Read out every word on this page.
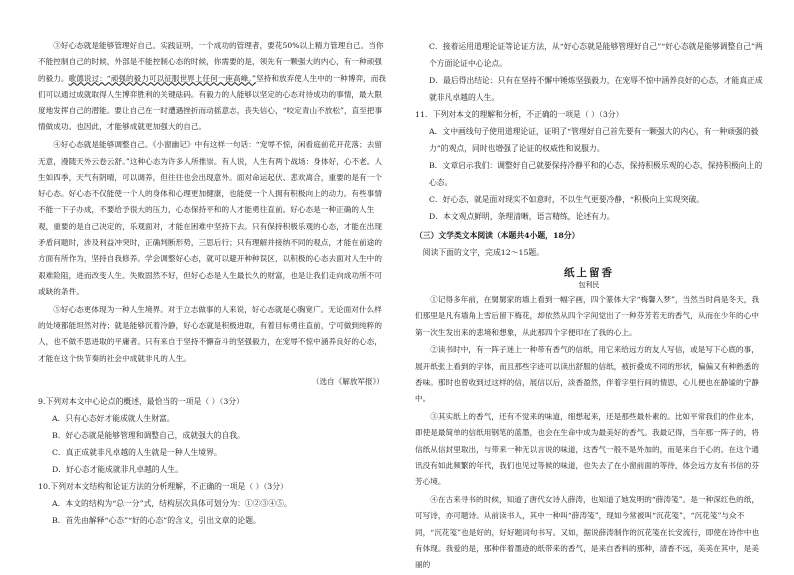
③好心态就是能够管理好自己。实践证明，一个成功的管理者，要花50%以上精力管理自己。当你不能控制自己的时候，外部是不能控制心态的时候，你需要的是，领先有一颗强大的内心，有一种顽强的毅力。歌德说过：“顽强的毅力可以征服世界上任何一座高峰。”坚持和放弃使人生中的一种博弈，而我们可以通过成就取得人生博弈胜利的关键砝码。有毅力的人能够以坚定的心态对待成功的事情，最大限度地发挥自己的潜能。要让自己在一时遭遇挫折而动摇意志，丧失信心，“咬定青山不放松”，直至把事情做成功。也因此，才能够成就更加强大的自己。

④好心态就是能够调整自己。《小窗幽记》中有这样一句话：“宠辱不惊，闲看庭前花开花落；去留无意，漫随天外云卷云舒。”这种心态为许多人所推崇。有人说，人生有两个战场：身体好，心不老。人生如四季，天气有阴晴，可以调养，但往往也会出现意外。面对命运起伏、悲欢离合，重要的是有一个好心态。好心态不仅能使一个人的身体和心理更加健康，也能使一个人拥有积极向上的动力。有些事情不能一下子办成，不要给予很大的压力，心态保持平和的人才能勇往直前。好心态是一种正确的人生观，重要的是自己决定的，乐观面对，才能在困难中坚持下去。只有保持积极乐观的心态，才能在出现矛盾问题时，涉及利益冲突时，正确判断形势，三思后行；只有理解并接纳不同的观点，才能在前途的方面有所作为，坚持自我修养。学会调整好心态，就可以避开种种误区，以积极的心态去面对人生中的艰难险阻，进而改变人生。失败固然不好，但好心态是人生最长久的财富，也是让我们走向成功所不可或缺的条件。

⑤好心态更体现为一种人生境界。对于立志做事的人来说，好心态就是心胸宽广。无论面对什么样的处境都能坦然对待；就是能够沉着冷静，好心态就是积极进取，有着目标勇往直前，宁可做到纯粹的人，也不做不思进取的平庸者。只有来自于坚持不懈奋斗的坚强毅力，在宠辱不惊中涵养良好的心态，才能在这个快节奏的社会中成就非凡的人生。

（选自《解放军报》）

9.下列对本文中心论点的概述，最恰当的一项是（ ）（3分）

A．只有心态好才能成就人生财富。

B．好心态就是能够管理和调整自己，成就强大的自我。

C．真正成就非凡卓越的人生就是一种人生境界。

D．好心态才能成就非凡卓越的人生。

10.下列对本文结构和论证方法的分析理解，不正确的一项是（ ）（3分）

A．本文的结构为“总一分”式，结构层次具体可划分为：①②③④⑤。

B．首先由解释“心态”“好的心态”的含义，引出文章的论题。

C．接着运用道理论证等论证方法，从“好心态就是能够管理好自己”“好心态就是能够调整自己”两个方面论证中心论点。

D．最后得出结论：只有在坚持不懈中锤炼坚强毅力，在宠辱不惊中涵养良好的心态，才能真正成就非凡卓越的人生。

11．下列对本文的理解和分析，不正确的一项是（ ）（3分）

A．文中画线句子使用道理论证，证明了“管理好自己首先要有一颗强大的内心，有一种顽强的毅力”的观点，同时也增强了论证的权威性和说服力。

B．文章启示我们：调整好自己就要保持冷静平和的心态，保持积极乐观的心态，保持积极向上的心态。

C．好心态，就是面对现实不如意时，不以生气更要冷静，“积极向上实现突破。

D．本文观点鲜明，条理清晰，语言精练，论述有力。

（三）文学类文本阅读（本题共4小题，18分）

阅读下面的文字，完成12～15题。

纸上留香

包利民

①记得多年前，在舅舅家的墙上看到一幅字画，四个篆体大字“梅馨入梦”，当然当时尚是冬天，我们那里是凡有墙角上雪后留下梅花，却依然从四个字间觉出了一种芬芳若无的香气，从而在少年的心中第一次生发出来的悲境和想象，从此那四个字便印在了我的心上。

②读书时中，有一阵子迷上一种带有香气的信纸，用它来给远方的友人写信，或是写下心底的事，展开纸张上看到的字体，而且那些字迹可以读出舒服的信纸，被折叠成不同的形状，偏偏又有种熟悉的香味。那时也曾收到过这样的信，展信以后，淡香盈然，伴着字里行间的情思，心儿便也在静谧的宁静中。

③其实纸上的香气，还有不觉来的味道，细想起来，还是那些最朴素的。比如平常我们的作业本，即使是最简单的信纸用钢笔的蓝墨，也会在生命中成为最美好的香气。我最记得，当年那一阵子的，将信纸从信封里取出，与带来一种无以言说的味道，这香气一般不是外加的，而是来自于心的。在这个通讯没有如此频繁的年代，我们也见过等候的味道，也失去了在小窗前面的等待，体会远方友有书信的芬芳心境。

④在古来寻书的时候，知道了唐代女诗人薛涛，也知道了她发明的“薛涛笺”。是一种深红色的纸，可写诗，亦可题诗。从前读书人，其中一种叫“薛涛笺”，现如今常被叫“沉花笺”，“沉花笺”与众不同，“沉花笺”也是好的，好好题词句书写。又如，据说薛涛制作的沉花笺在长安流行，即使在诗作中也有体现。我爱的是，那种伴着墨迹的纸带来的香气，是来自香料的那种，清香不远，美美在其中，是美丽的
